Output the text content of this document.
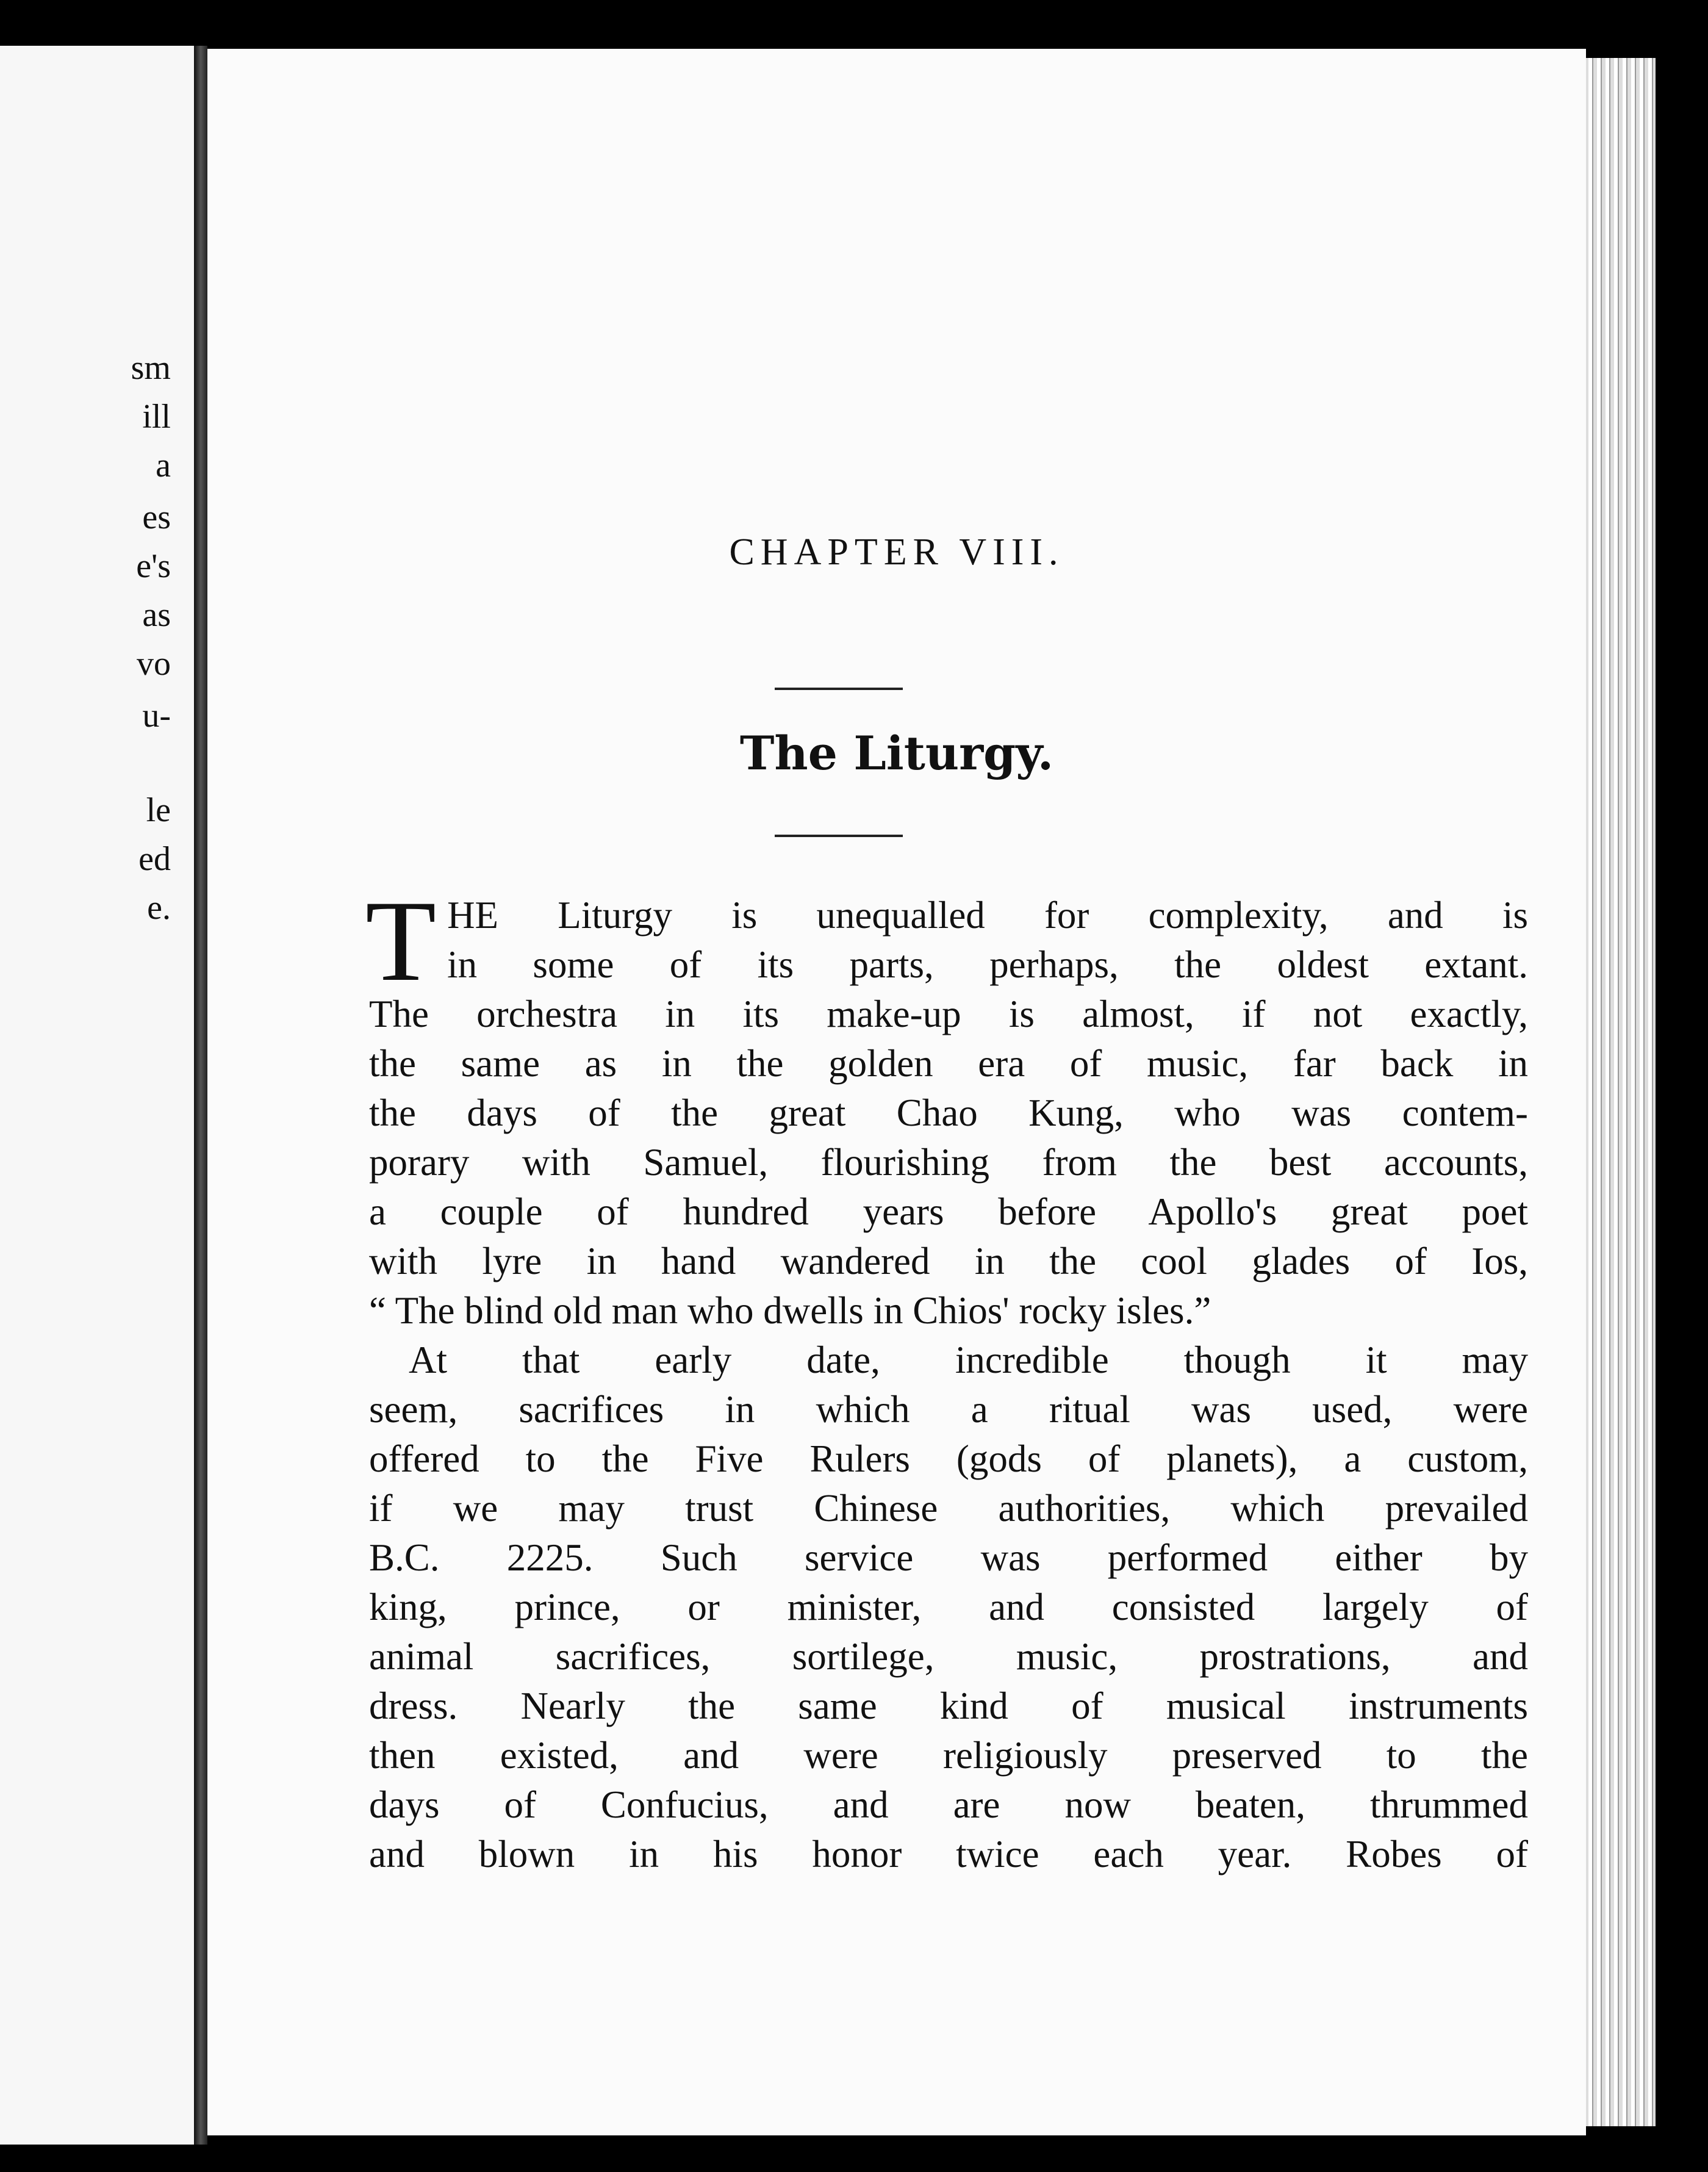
sm
ill
a
es
e's
as
vo
u-
le
ed
e.
CHAPTER VIII.
The Liturgy.
T HE Liturgy is unequalled for complexity, and is
in some of its parts, perhaps, the oldest extant.
The orchestra in its make-up is almost, if not exactly,
the same as in the golden era of music, far back in
the days of the great Chao Kung, who was contem-
porary with Samuel, flourishing from the best accounts,
a couple of hundred years before Apollo's great poet
with lyre in hand wandered in the cool glades of Ios,
“ The blind old man who dwells in Chios' rocky isles.”
At that early date, incredible though it may
seem, sacrifices in which a ritual was used, were
offered to the Five Rulers (gods of planets), a custom,
if we may trust Chinese authorities, which prevailed
B.C. 2225. Such service was performed either by
king, prince, or minister, and consisted largely of
animal sacrifices, sortilege, music, prostrations, and
dress. Nearly the same kind of musical instruments
then existed, and were religiously preserved to the
days of Confucius, and are now beaten, thrummed
and blown in his honor twice each year. Robes of
